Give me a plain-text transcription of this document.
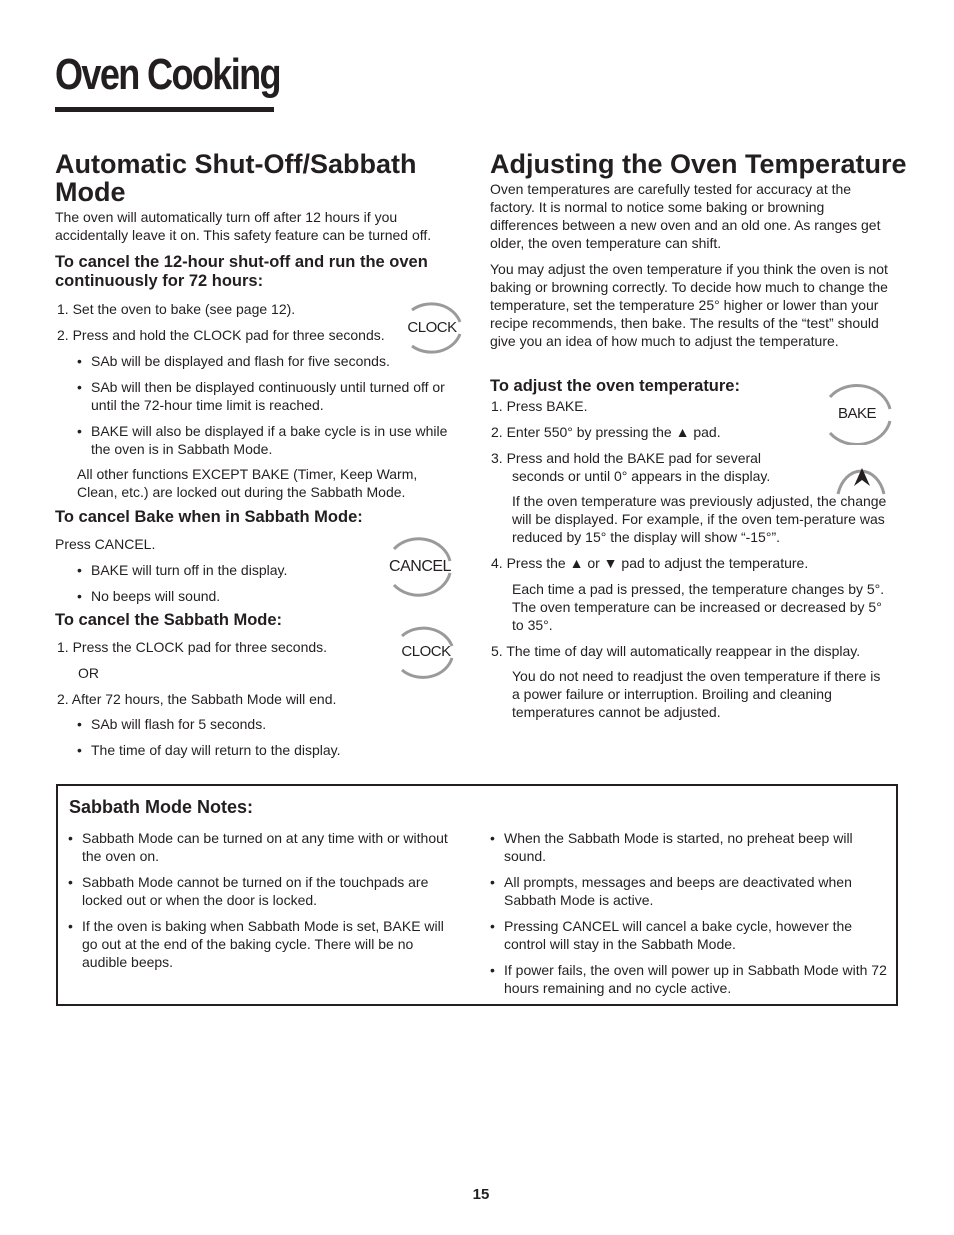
Oven Cooking
Automatic Shut-Off/Sabbath
Mode

The oven will automatically turn off after 12 hours if you accidentally leave it on. This safety feature can be turned off.

To cancel the 12-hour shut-off and run the oven continuously for 72 hours:
1. Set the oven to bake (see page 12).
2. Press and hold the CLOCK pad for three seconds.

• SAb will be displayed and flash for five seconds.

• SAb will then be displayed continuously until turned off or until the 72-hour time limit is reached.

• BAKE will also be displayed if a bake cycle is in use while the oven is in Sabbath Mode.

All other functions EXCEPT BAKE (Timer, Keep Warm, Clean, etc.) are locked out during the Sabbath Mode.

To cancel Bake when in Sabbath Mode:
Press CANCEL.

• BAKE will turn off in the display.

• No beeps will sound.

To cancel the Sabbath Mode:
1. Press the CLOCK pad for three seconds.
OR
2. After 72 hours, the Sabbath Mode will end.

• SAb will flash for 5 seconds.

• The time of day will return to the display.

CLOCK
CANCEL
CLOCK
Adjusting the Oven Temperature

Oven temperatures are carefully tested for accuracy at the factory. It is normal to notice some baking or browning differences between a new oven and an old one. As ranges get older, the oven temperature can shift.

You may adjust the oven temperature if you think the oven is not baking or browning correctly. To decide how much to change the temperature, set the temperature 25° higher or lower than your recipe recommends, then bake. The results of the “test” should give you an idea of how much to adjust the temperature.

To adjust the oven temperature:
1. Press BAKE.
2. Enter 550° by pressing the ▲ pad.
3. Press and hold the BAKE pad for several
seconds or until 0° appears in the display.

If the oven temperature was previously adjusted, the change will be displayed. For example, if the oven tem-perature was reduced by 15° the display will show “-15°”.

4. Press the ▲ or ▼ pad to adjust the temperature.

Each time a pad is pressed, the temperature changes by 5°. The oven temperature can be increased or decreased by 5° to 35°.

5. The time of day will automatically reappear in the display.

You do not need to readjust the oven temperature if there is a power failure or interruption. Broiling and cleaning temperatures cannot be adjusted.

BAKE
Sabbath Mode Notes:

• Sabbath Mode can be turned on at any time with or without the oven on.

• Sabbath Mode cannot be turned on if the touchpads are locked out or when the door is locked.

• If the oven is baking when Sabbath Mode is set, BAKE will go out at the end of the baking cycle. There will be no audible beeps.

• When the Sabbath Mode is started, no preheat beep will sound.

• All prompts, messages and beeps are deactivated when Sabbath Mode is active.

• Pressing CANCEL will cancel a bake cycle, however the control will stay in the Sabbath Mode.

• If power fails, the oven will power up in Sabbath Mode with 72 hours remaining and no cycle active.

15
